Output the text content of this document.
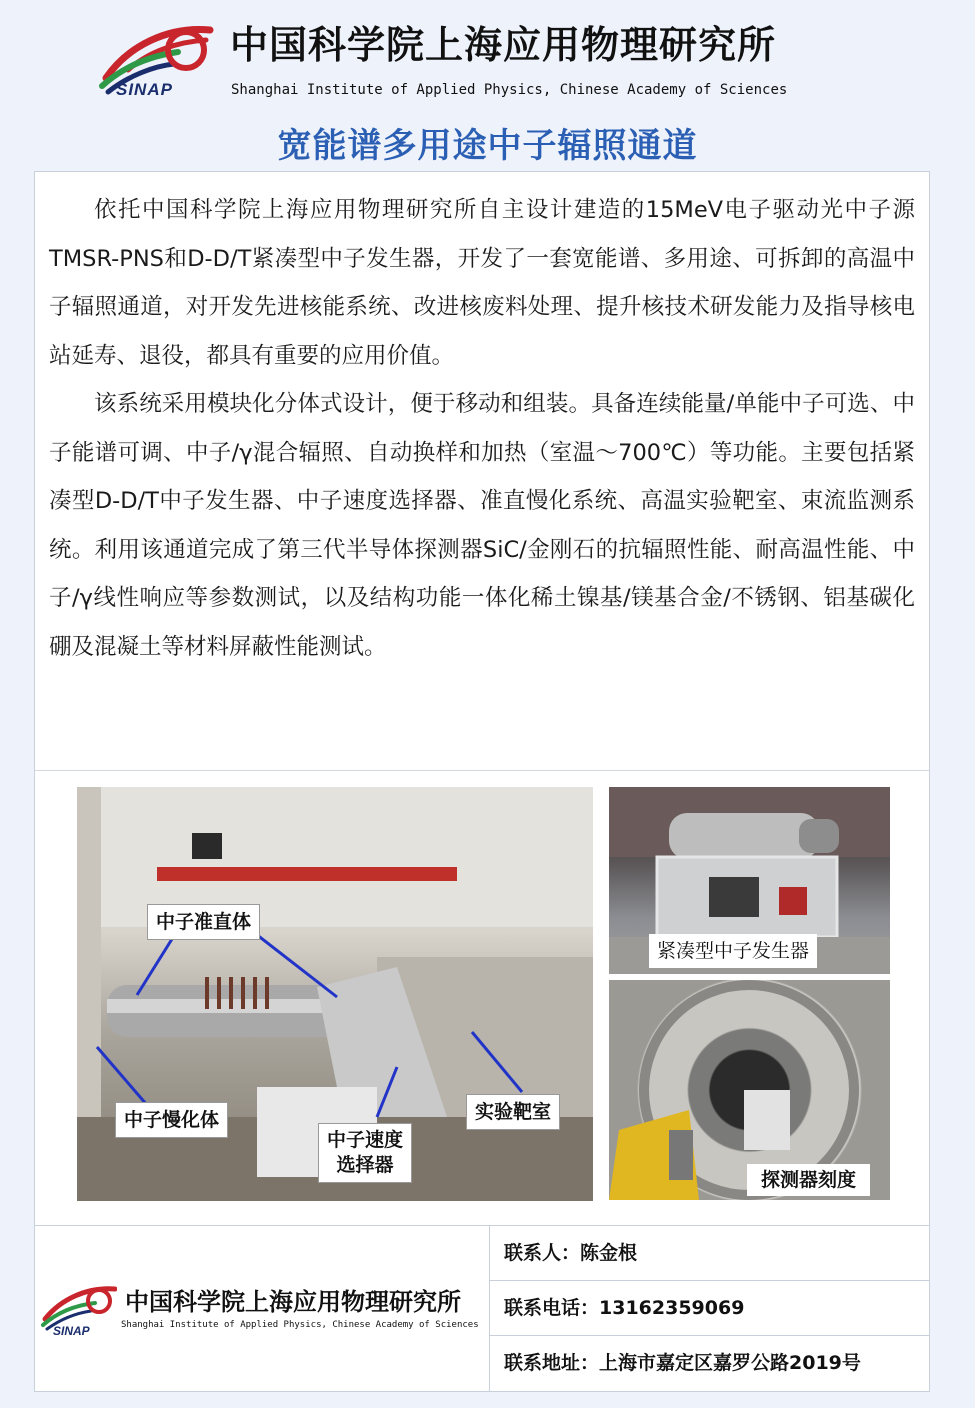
SINAP
中国科学院上海应用物理研究所
Shanghai Institute of Applied Physics, Chinese Academy of Sciences
宽能谱多用途中子辐照通道

依托中国科学院上海应用物理研究所自主设计建造的15MeV电子驱动光中子源TMSR-PNS和D-D/T紧凑型中子发生器，开发了一套宽能谱、多用途、可拆卸的高温中子辐照通道，对开发先进核能系统、改进核废料处理、提升核技术研发能力及指导核电站延寿、退役，都具有重要的应用价值。

该系统采用模块化分体式设计，便于移动和组装。具备连续能量/单能中子可选、中子能谱可调、中子/γ混合辐照、自动换样和加热（室温～700℃）等功能。主要包括紧凑型D-D/T中子发生器、中子速度选择器、准直慢化系统、高温实验靶室、束流监测系统。利用该通道完成了第三代半导体探测器SiC/金刚石的抗辐照性能、耐高温性能、中子/γ线性响应等参数测试，以及结构功能一体化稀土镍基/镁基合金/不锈钢、铝基碳化硼及混凝土等材料屏蔽性能测试。

中子准直体
中子慢化体
中子速度
选择器
实验靶室
紧凑型中子发生器
探测器刻度
SINAP
中国科学院上海应用物理研究所
Shanghai Institute of Applied Physics, Chinese Academy of Sciences
联系人：陈金根
联系电话：13162359069
联系地址：上海市嘉定区嘉罗公路2019号
